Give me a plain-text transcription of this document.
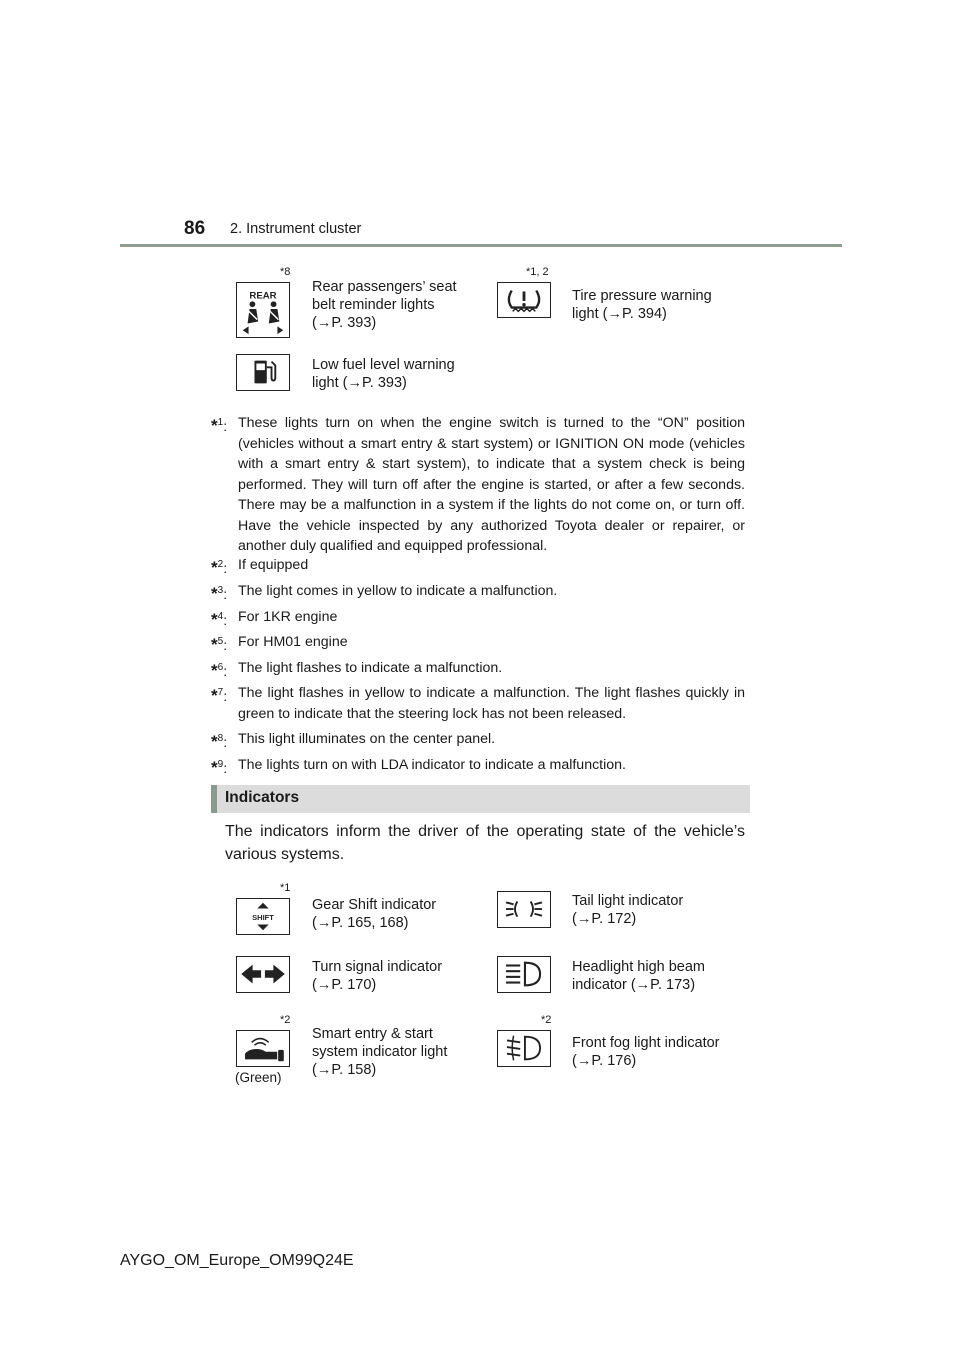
86 2. Instrument cluster
*8
REAR
Rear passengers’ seat
belt reminder lights
(→P. 393)
*1, 2
Tire pressure warning
light (→P. 394)
Low fuel level warning
light (→P. 393)
*$^1$: These lights turn on when the engine switch is turned to the “ON” position (vehicles without a smart entry & start system) or IGNITION ON mode (vehicles with a smart entry & start system), to indicate that a system check is being performed. They will turn off after the engine is started, or after a few seconds. There may be a malfunction in a system if the lights do not come on, or turn off. Have the vehicle inspected by any authorized Toyota dealer or repairer, or another duly qualified and equipped professional.
*$^2$: If equipped
*$^3$: The light comes in yellow to indicate a malfunction.
*$^4$: For 1KR engine
*$^5$: For HM01 engine
*$^6$: The light flashes to indicate a malfunction.
*$^7$: The light flashes in yellow to indicate a malfunction. The light flashes quickly in green to indicate that the steering lock has not been released.
*$^8$: This light illuminates on the center panel.
*$^9$: The lights turn on with LDA indicator to indicate a malfunction.
Indicators
The indicators inform the driver of the operating state of the vehicle’s various systems.
*1
SHIFT
Gear Shift indicator
(→P. 165, 168)
Tail light indicator
(→P. 172)
Turn signal indicator
(→P. 170)
Headlight high beam
indicator (→P. 173)
*2
(Green)
Smart entry & start
system indicator light
(→P. 158)
*2
Front fog light indicator
(→P. 176)
AYGO_OM_Europe_OM99Q24E
